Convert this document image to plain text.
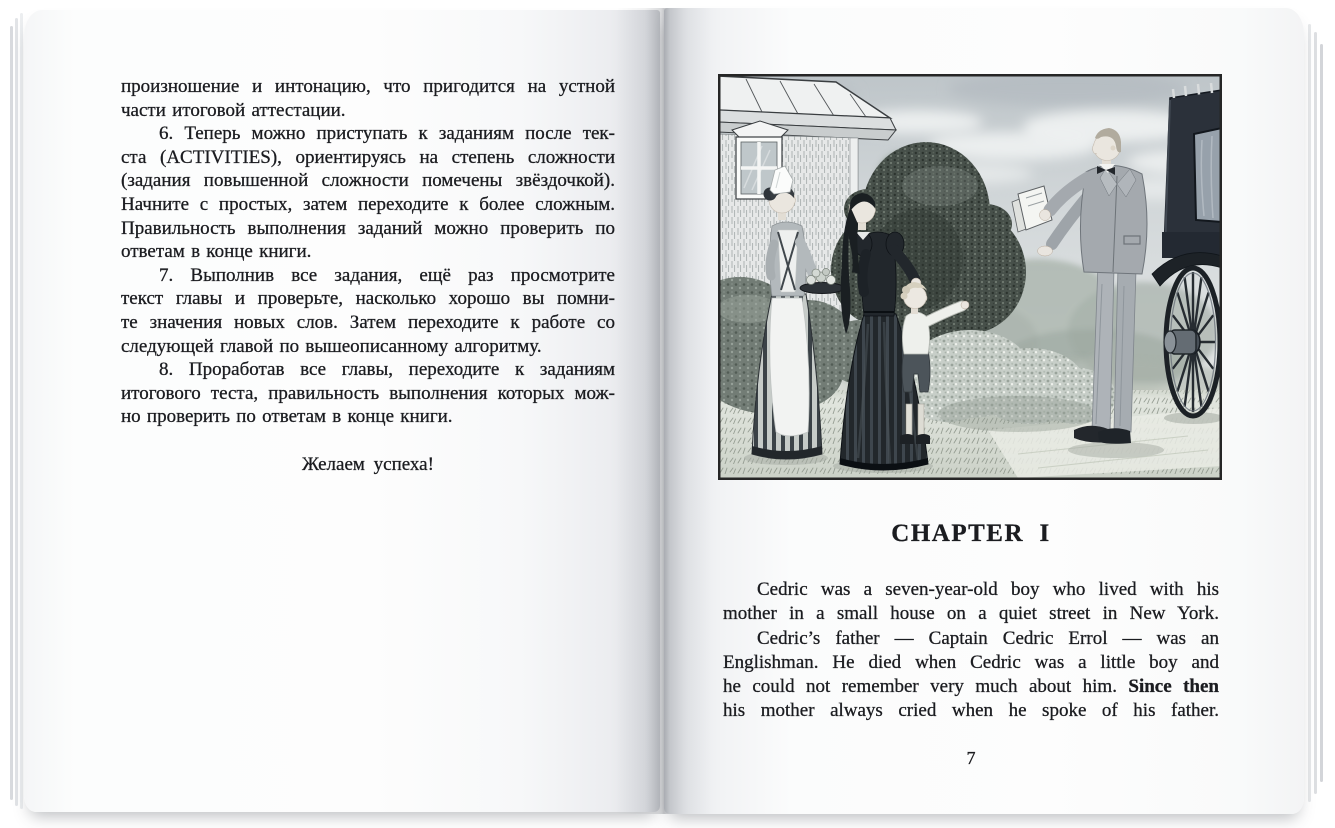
произношение и интонацию, что пригодится на устной
части итоговой аттестации.
6. Теперь можно приступать к заданиям после тек-
ста (ACTIVITIES), ориентируясь на степень сложности
(задания повышенной сложности помечены звёздочкой).
Начните с простых, затем переходите к более сложным.
Правильность выполнения заданий можно проверить по
ответам в конце книги.
7. Выполнив все задания, ещё раз просмотрите
текст главы и проверьте, насколько хорошо вы помни-
те значения новых слов. Затем переходите к работе со
следующей главой по вышеописанному алгоритму.
8. Проработав все главы, переходите к заданиям
итогового теста, правильность выполнения которых мож-
но проверить по ответам в конце книги.
Желаем успеха!
CHAPTER  I
Cedric was a seven-year-old boy who lived with his
mother in a small house on a quiet street in New York.
Cedric’s father — Captain Cedric Errol — was an
Englishman. He died when Cedric was a little boy and
he could not remember very much about him. Since then
his mother always cried when he spoke of his father.
7
